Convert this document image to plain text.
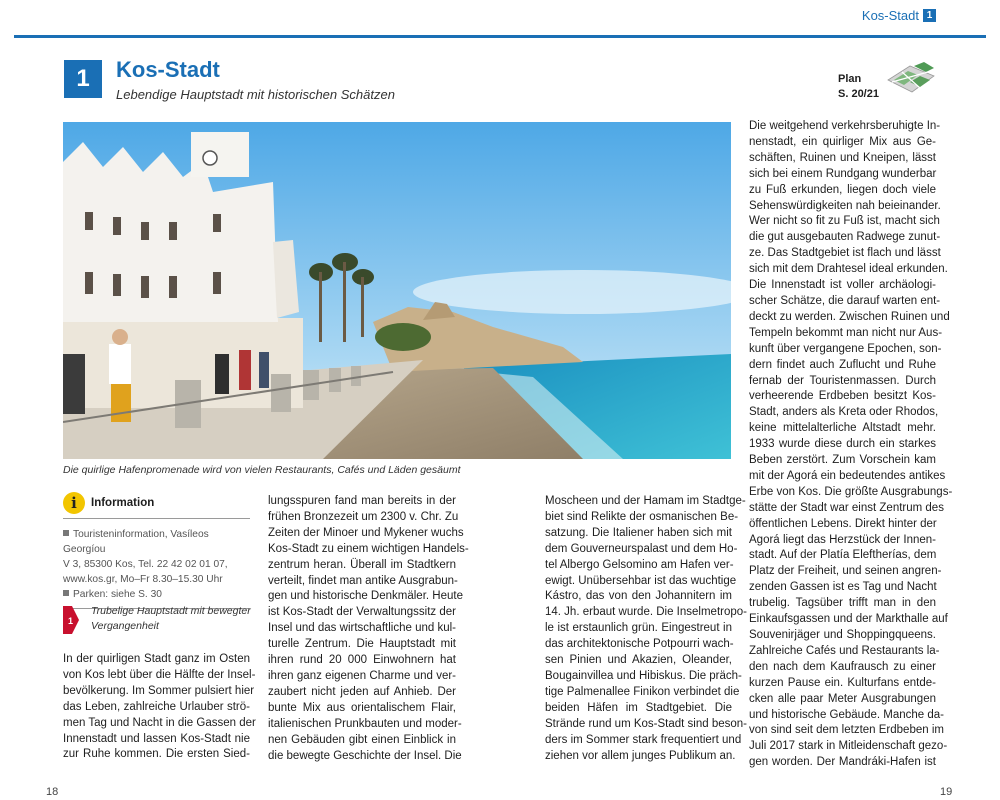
Kos-Stadt 1
1	Kos-Stadt
Lebendige Hauptstadt mit historischen Schätzen
Plan
S. 20/21
Die quirlige Hafenpromenade wird von vielen Restaurants, Cafés und Läden gesäumt
i	Information
Touristeninformation, Vasíleos Georgíou
V 3, 85300 Kos, Tel. 22 42 02 01 07,
www.kos.gr, Mo–Fr 8.30–15.30 Uhr
Parken: siehe S. 30
1
Trubelige Hauptstadt mit bewegter
Vergangenheit
In der quirligen Stadt ganz im Osten
von Kos lebt über die Hälfte der Insel-
bevölkerung. Im Sommer pulsiert hier
das Leben, zahlreiche Urlauber strö-
men Tag und Nacht in die Gassen der
Innenstadt und lassen Kos-Stadt nie
zur Ruhe kommen. Die ersten Sied-
lungsspuren fand man bereits in der
frühen Bronzezeit um 2300 v. Chr. Zu
Zeiten der Minoer und Mykener wuchs
Kos-Stadt zu einem wichtigen Handels-
zentrum heran. Überall im Stadtkern
verteilt, findet man antike Ausgrabun-
gen und historische Denkmäler. Heute
ist Kos-Stadt der Verwaltungssitz der
Insel und das wirtschaftliche und kul-
turelle Zentrum. Die Hauptstadt mit
ihren rund 20 000 Einwohnern hat
ihren ganz eigenen Charme und ver-
zaubert nicht jeden auf Anhieb. Der
bunte Mix aus orientalischem Flair,
italienischen Prunkbauten und moder-
nen Gebäuden gibt einen Einblick in
die bewegte Geschichte der Insel. Die
Moscheen und der Hamam im Stadtge-
biet sind Relikte der osmanischen Be-
satzung. Die Italiener haben sich mit
dem Gouverneurspalast und dem Ho-
tel Albergo Gelsomino am Hafen ver-
ewigt. Unübersehbar ist das wuchtige
Kástro, das von den Johannitern im
14. Jh. erbaut wurde. Die Inselmetropo-
le ist erstaunlich grün. Eingestreut in
das architektonische Potpourri wach-
sen Pinien und Akazien, Oleander,
Bougainvillea und Hibiskus. Die präch-
tige Palmenallee Finikon verbindet die
beiden Häfen im Stadtgebiet. Die
Strände rund um Kos-Stadt sind beson-
ders im Sommer stark frequentiert und
ziehen vor allem junges Publikum an.
Die weitgehend verkehrsberuhigte In-
nenstadt, ein quirliger Mix aus Ge-
schäften, Ruinen und Kneipen, lässt
sich bei einem Rundgang wunderbar
zu Fuß erkunden, liegen doch viele
Sehenswürdigkeiten nah beieinander.
Wer nicht so fit zu Fuß ist, macht sich
die gut ausgebauten Radwege zunut-
ze. Das Stadtgebiet ist flach und lässt
sich mit dem Drahtesel ideal erkunden.
Die Innenstadt ist voller archäologi-
scher Schätze, die darauf warten ent-
deckt zu werden. Zwischen Ruinen und
Tempeln bekommt man nicht nur Aus-
kunft über vergangene Epochen, son-
dern findet auch Zuflucht und Ruhe
fernab der Touristenmassen. Durch
verheerende Erdbeben besitzt Kos-
Stadt, anders als Kreta oder Rhodos,
keine mittelalterliche Altstadt mehr.
1933 wurde diese durch ein starkes
Beben zerstört. Zum Vorschein kam
mit der Agorá ein bedeutendes antikes
Erbe von Kos. Die größte Ausgrabungs-
stätte der Stadt war einst Zentrum des
öffentlichen Lebens. Direkt hinter der
Agorá liegt das Herzstück der Innen-
stadt. Auf der Platía Eleftherías, dem
Platz der Freiheit, und seinen angren-
zenden Gassen ist es Tag und Nacht
trubelig. Tagsüber trifft man in den
Einkaufsgassen und der Markthalle auf
Souvenirjäger und Shoppingqueens.
Zahlreiche Cafés und Restaurants la-
den nach dem Kaufrausch zu einer
kurzen Pause ein. Kulturfans entde-
cken alle paar Meter Ausgrabungen
und historische Gebäude. Manche da-
von sind seit dem letzten Erdbeben im
Juli 2017 stark in Mitleidenschaft gezo-
gen worden. Der Mandráki-Hafen ist
18	19
